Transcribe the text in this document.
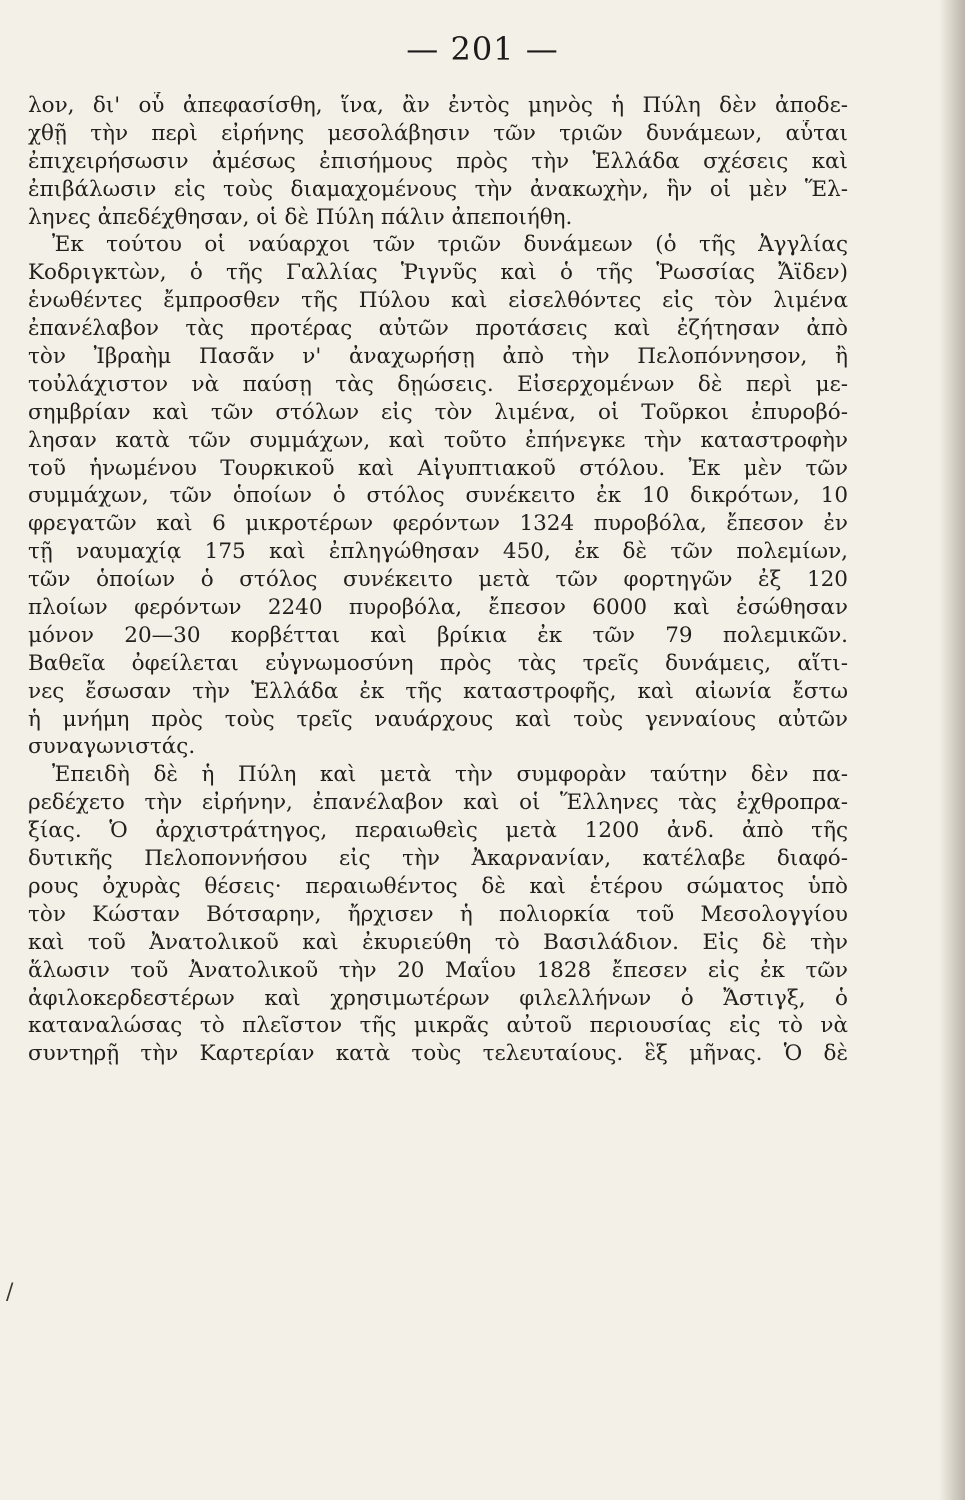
— 201 —
/
λον, δι' οὗ ἀπεφασίσθη, ἵνα, ἂν ἐντὸς μηνὸς ἡ Πύλη δὲν ἀποδε-
χθῇ τὴν περὶ εἰρήνης μεσολάβησιν τῶν τριῶν δυνάμεων, αὗται
ἐπιχειρήσωσιν ἀμέσως ἐπισήμους πρὸς τὴν Ἑλλάδα σχέσεις καὶ
ἐπιβάλωσιν εἰς τοὺς διαμαχομένους τὴν ἀνακωχὴν, ἣν οἱ μὲν Ἕλ-
ληνες ἀπεδέχθησαν, οἱ δὲ Πύλη πάλιν ἀπεποιήθη.
Ἐκ τούτου οἱ ναύαρχοι τῶν τριῶν δυνάμεων (ὁ τῆς Ἀγγλίας
Κοδριγκτὼν, ὁ τῆς Γαλλίας Ῥιγνῦς καὶ ὁ τῆς Ῥωσσίας Ἄϊδεν)
ἑνωθέντες ἔμπροσθεν τῆς Πύλου καὶ εἰσελθόντες εἰς τὸν λιμένα
ἐπανέλαβον τὰς προτέρας αὐτῶν προτάσεις καὶ ἐζήτησαν ἀπὸ
τὸν Ἰβραὴμ Πασᾶν ν' ἀναχωρήσῃ ἀπὸ τὴν Πελοπόννησον, ἢ
τοὐλάχιστον νὰ παύσῃ τὰς δῃώσεις. Εἰσερχομένων δὲ περὶ με-
σημβρίαν καὶ τῶν στόλων εἰς τὸν λιμένα, οἱ Τοῦρκοι ἐπυροβό-
λησαν κατὰ τῶν συμμάχων, καὶ τοῦτο ἐπήνεγκε τὴν καταστροφὴν
τοῦ ἡνωμένου Τουρκικοῦ καὶ Αἰγυπτιακοῦ στόλου. Ἐκ μὲν τῶν
συμμάχων, τῶν ὁποίων ὁ στόλος συνέκειτο ἐκ 10 δικρότων, 10
φρεγατῶν καὶ 6 μικροτέρων φερόντων 1324 πυροβόλα, ἔπεσον ἐν
τῇ ναυμαχίᾳ 175 καὶ ἐπληγώθησαν 450, ἐκ δὲ τῶν πολεμίων,
τῶν ὁποίων ὁ στόλος συνέκειτο μετὰ τῶν φορτηγῶν ἐξ 120
πλοίων φερόντων 2240 πυροβόλα, ἔπεσον 6000 καὶ ἐσώθησαν
μόνον 20—30 κορβέτται καὶ βρίκια ἐκ τῶν 79 πολεμικῶν.
Βαθεῖα ὀφείλεται εὐγνωμοσύνη πρὸς τὰς τρεῖς δυνάμεις, αἵτι-
νες ἔσωσαν τὴν Ἑλλάδα ἐκ τῆς καταστροφῆς, καὶ αἰωνία ἔστω
ἡ μνήμη πρὸς τοὺς τρεῖς ναυάρχους καὶ τοὺς γενναίους αὐτῶν
συναγωνιστάς.
Ἐπειδὴ δὲ ἡ Πύλη καὶ μετὰ τὴν συμφορὰν ταύτην δὲν πα-
ρεδέχετο τὴν εἰρήνην, ἐπανέλαβον καὶ οἱ Ἕλληνες τὰς ἐχθροπρα-
ξίας. Ὁ ἀρχιστράτηγος, περαιωθεὶς μετὰ 1200 ἀνδ. ἀπὸ τῆς
δυτικῆς Πελοποννήσου εἰς τὴν Ἀκαρνανίαν, κατέλαβε διαφό-
ρους ὀχυρὰς θέσεις· περαιωθέντος δὲ καὶ ἑτέρου σώματος ὑπὸ
τὸν Κώσταν Βότσαρην, ἤρχισεν ἡ πολιορκία τοῦ Μεσολογγίου
καὶ τοῦ Ἀνατολικοῦ καὶ ἐκυριεύθη τὸ Βασιλάδιον. Εἰς δὲ τὴν
ἅλωσιν τοῦ Ἀνατολικοῦ τὴν 20 Μαΐου 1828 ἔπεσεν εἰς ἐκ τῶν
ἀφιλοκερδεστέρων καὶ χρησιμωτέρων φιλελλήνων ὁ Ἄστιγξ, ὁ
καταναλώσας τὸ πλεῖστον τῆς μικρᾶς αὐτοῦ περιουσίας εἰς τὸ νὰ
συντηρῇ τὴν Καρτερίαν κατὰ τοὺς τελευταίους. ἓξ μῆνας. Ὁ δὲ
